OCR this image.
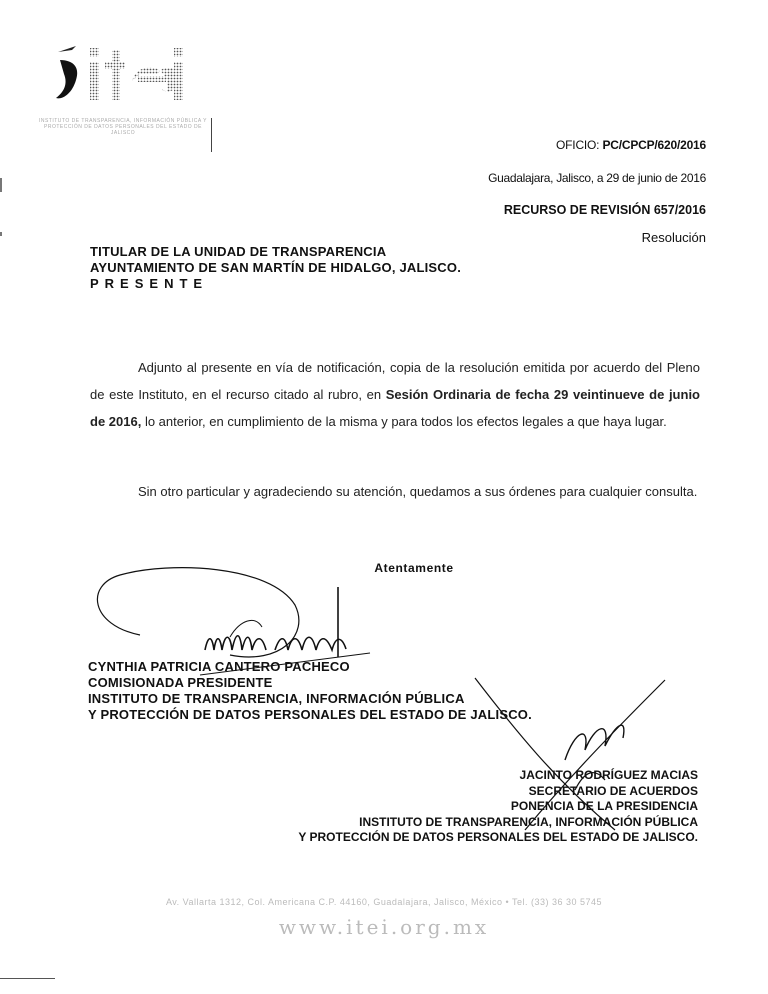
INSTITUTO DE TRANSPARENCIA, INFORMACIÓN PÚBLICA Y PROTECCIÓN DE DATOS PERSONALES DEL ESTADO DE JALISCO
OFICIO: PC/CPCP/620/2016
Guadalajara, Jalisco, a 29 de junio de 2016
RECURSO DE REVISIÓN 657/2016
Resolución
TITULAR DE LA UNIDAD DE TRANSPARENCIA
AYUNTAMIENTO DE SAN MARTÍN DE HIDALGO, JALISCO.
PRESENTE
Adjunto al presente en vía de notificación, copia de la resolución emitida por acuerdo del Pleno de este Instituto, en el recurso citado al rubro, en Sesión Ordinaria de fecha 29 veintinueve de junio de 2016, lo anterior, en cumplimiento de la misma y para todos los efectos legales a que haya lugar.
Sin otro particular y agradeciendo su atención, quedamos a sus órdenes para cualquier consulta.
Atentamente
CYNTHIA PATRICIA CANTERO PACHECO
COMISIONADA PRESIDENTE
INSTITUTO DE TRANSPARENCIA, INFORMACIÓN PÚBLICA
Y PROTECCIÓN DE DATOS PERSONALES DEL ESTADO DE JALISCO.
JACINTO RODRÍGUEZ MACIAS
SECRETARIO DE ACUERDOS
PONENCIA DE LA PRESIDENCIA
INSTITUTO DE TRANSPARENCIA, INFORMACIÓN PÚBLICA
Y PROTECCIÓN DE DATOS PERSONALES DEL ESTADO DE JALISCO.
Av. Vallarta 1312, Col. Americana C.P. 44160, Guadalajara, Jalisco, México • Tel. (33) 36 30 5745
www.itei.org.mx
